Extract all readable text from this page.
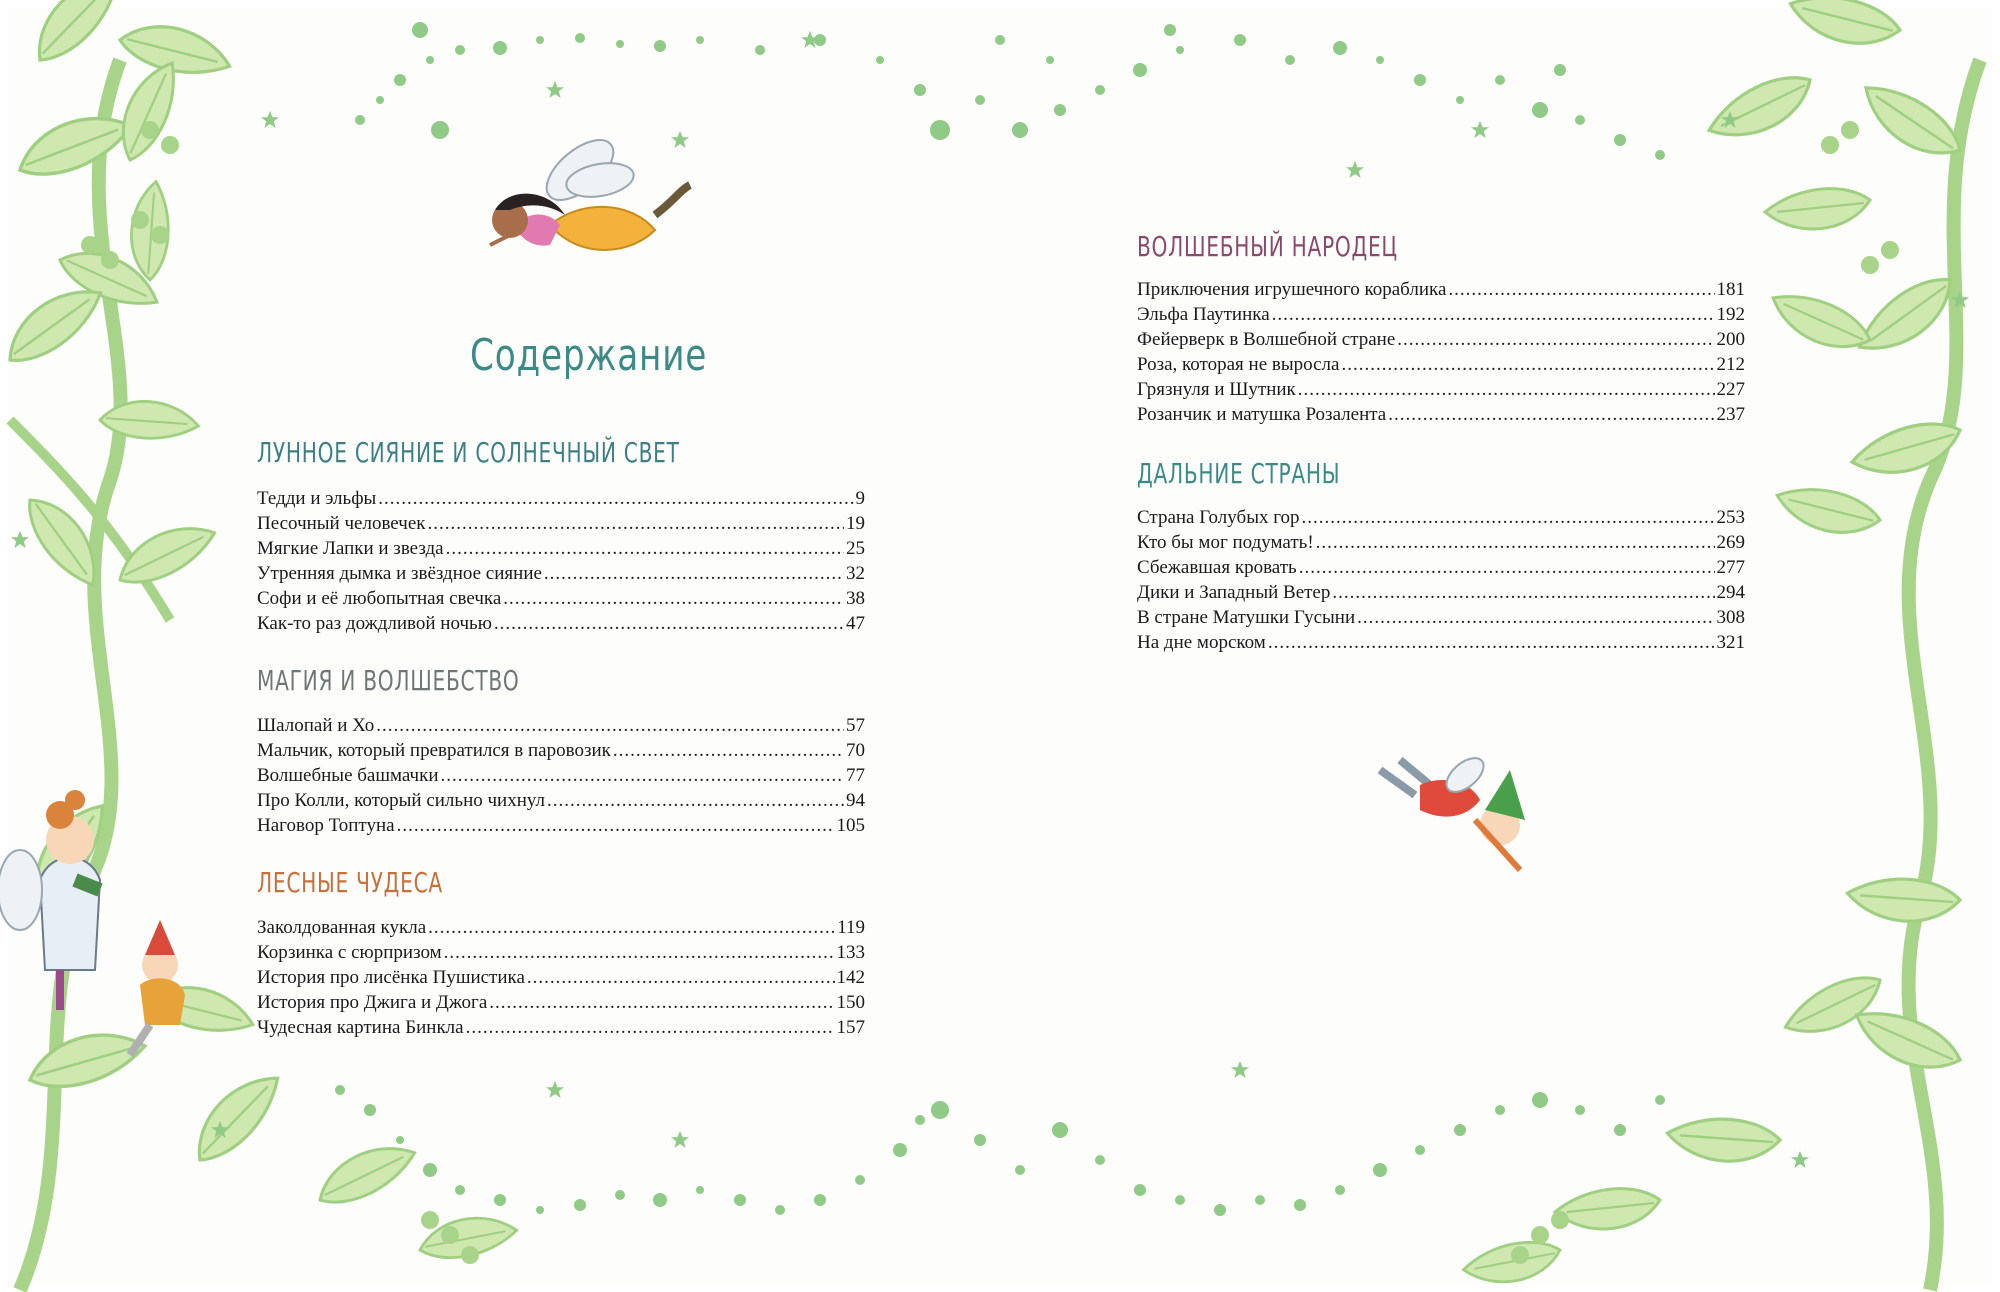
Содержание
ЛУННОЕ СИЯНИЕ И СОЛНЕЧНЫЙ СВЕТ
Тедди и эльфы .....	9
Песочный человечек .....	19
Мягкие Лапки и звезда .....	25
Утренняя дымка и звёздное сияние .....	32
Софи и её любопытная свечка .....	38
Как-то раз дождливой ночью .....	47
МАГИЯ И ВОЛШЕБСТВО
Шалопай и Хо .....	57
Мальчик, который превратился в паровозик .....	70
Волшебные башмачки .....	77
Про Колли, который сильно чихнул .....	94
Наговор Топтуна .....	105
ЛЕСНЫЕ ЧУДЕСА
Заколдованная кукла .....	119
Корзинка с сюрпризом .....	133
История про лисёнка Пушистика .....	142
История про Джига и Джога .....	150
Чудесная картина Бинкла .....	157
ВОЛШЕБНЫЙ НАРОДЕЦ
Приключения игрушечного кораблика .....	181
Эльфа Паутинка .....	192
Фейерверк в Волшебной стране .....	200
Роза, которая не выросла .....	212
Грязнуля и Шутник .....	227
Розанчик и матушка Розалента .....	237
ДАЛЬНИЕ СТРАНЫ
Страна Голубых гор .....	253
Кто бы мог подумать! .....	269
Сбежавшая кровать .....	277
Дики и Западный Ветер .....	294
В стране Матушки Гусыни .....	308
На дне морском .....	321
